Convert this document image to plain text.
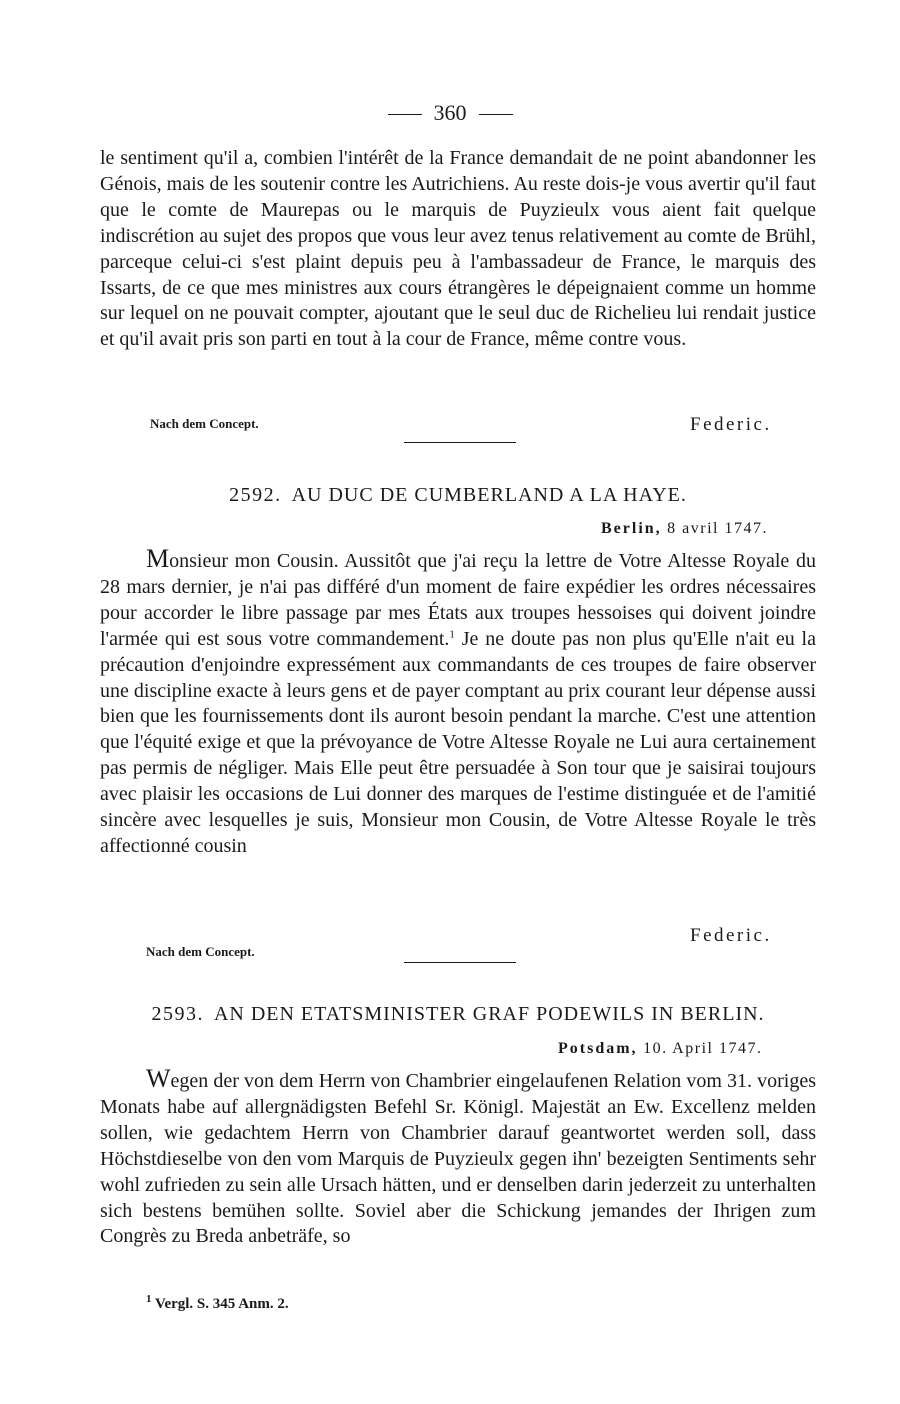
360

le sentiment qu'il a, combien l'intérêt de la France demandait de ne point abandonner les Génois, mais de les soutenir contre les Autrichiens. Au reste dois-je vous avertir qu'il faut que le comte de Maurepas ou le marquis de Puyzieulx vous aient fait quelque indiscrétion au sujet des propos que vous leur avez tenus relativement au comte de Brühl, parceque celui-ci s'est plaint depuis peu à l'ambassadeur de France, le marquis des Issarts, de ce que mes ministres aux cours étrangères le dépeignaient comme un homme sur lequel on ne pouvait compter, ajoutant que le seul duc de Richelieu lui rendait justice et qu'il avait pris son parti en tout à la cour de France, même contre vous.

Nach dem Concept.	Federic.
2592. AU DUC DE CUMBERLAND A LA HAYE.
Berlin, 8 avril 1747.

Monsieur mon Cousin. Aussitôt que j'ai reçu la lettre de Votre Altesse Royale du 28 mars dernier, je n'ai pas différé d'un moment de faire expédier les ordres nécessaires pour accorder le libre passage par mes États aux troupes hessoises qui doivent joindre l'armée qui est sous votre commandement.$^1$ Je ne doute pas non plus qu'Elle n'ait eu la précaution d'enjoindre expressément aux commandants de ces troupes de faire observer une discipline exacte à leurs gens et de payer comptant au prix courant leur dépense aussi bien que les fournissements dont ils auront besoin pendant la marche. C'est une attention que l'équité exige et que la prévoyance de Votre Altesse Royale ne Lui aura certainement pas permis de négliger. Mais Elle peut être persuadée à Son tour que je saisirai toujours avec plaisir les occasions de Lui donner des marques de l'estime distinguée et de l'amitié sincère avec lesquelles je suis, Monsieur mon Cousin, de Votre Altesse Royale le très affectionné cousin

Federic.
Nach dem Concept.
2593. AN DEN ETATSMINISTER GRAF PODEWILS IN BERLIN.
Potsdam, 10. April 1747.

Wegen der von dem Herrn von Chambrier eingelaufenen Relation vom 31. voriges Monats habe auf allergnädigsten Befehl Sr. Königl. Majestät an Ew. Excellenz melden sollen, wie gedachtem Herrn von Chambrier darauf geantwortet werden soll, dass Höchstdieselbe von den vom Marquis de Puyzieulx gegen ihn' bezeigten Sentiments sehr wohl zufrieden zu sein alle Ursach hätten, und er denselben darin jederzeit zu unterhalten sich bestens bemühen sollte. Soviel aber die Schickung jemandes der Ihrigen zum Congrès zu Breda anbeträfe, so

$^1$ Vergl. S. 345 Anm. 2.
